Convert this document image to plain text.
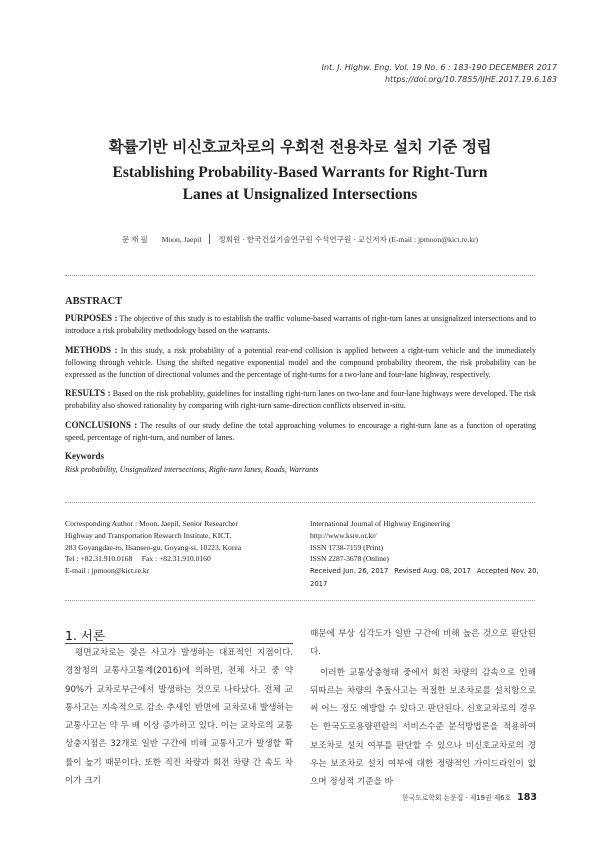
Int. J. Highw. Eng. Vol. 19 No. 6 : 183-190 DECEMBER 2017
https://doi.org/10.7855/IJHE.2017.19.6.183
확률기반 비신호교차로의 우회전 전용차로 설치 기준 정립
Establishing Probability-Based Warrants for Right-Turn Lanes at Unsignalized Intersections
문 재 필 Moon, Jaepil 정회원 · 한국건설기술연구원 수석연구원 · 교신저자 (E-mail : jpmoon@kict.re.kr)
ABSTRACT

PURPOSES : The objective of this study is to establish the traffic volume-based warrants of right-turn lanes at unsignalized intersections and to introduce a risk probability methodology based on the warrants.

METHODS : In this study, a risk probability of a potential rear-end collision is applied between a right-turn vehicle and the immediately following through vehicle. Using the shifted negative exponential model and the compound probability theorem, the risk probability can be expressed as the function of directional volumes and the percentage of right-turns for a two-lane and four-lane highway, respectively.

RESULTS : Based on the risk probablity, guidelines for installing right-turn lanes on two-lane and four-lane highways were developed. The risk probability also showed rationality by comparing with right-turn same-direction conflicts observed in-situ.

CONCLUSIONS : The results of our study define the total approaching volumes to encourage a right-turn lane as a function of operating speed, percentage of right-turn, and number of lanes.

Keywords

Risk probability, Unsignalized intersections, Right-turn lanes, Roads, Warrants

Corresponding Author : Moon, Jaepil, Senior Researcher
Highway and Transportation Research Institute, KICT,
283 Goyangdae-ro, Ilsanseo-gu, Goyang-si, 10223, Korea
Tel : +82.31.910.0168     Fax : +82.31.910.0160
E-mail : jpmoon@kict.re.kr
International Journal of Highway Engineering
http://www.ksre.or.kr/
ISSN 1738-7159 (Print)
ISSN 2287-3678 (Online)
Received Jun. 26, 2017 Revised Aug. 08, 2017 Accepted Nov. 20, 2017
1. 서론

평면교차로는 잦은 사고가 발생하는 대표적인 지점이다. 경찰청의 교통사고통계(2016)에 의하면, 전체 사고 중 약 90%가 교차로부근에서 발생하는 것으로 나타났다. 전체 교통사고는 지속적으로 감소 추세인 반면에 교차로내 발생하는 교통사고는 약 두 배 이상 증가하고 있다. 이는 교차로의 교통상충지점은 32개로 일반 구간에 비해 교통사고가 발생할 확률이 높기 때문이다. 또한 직진 차량과 회전 차량 간 속도 차이가 크기

때문에 부상 심각도가 일반 구간에 비해 높은 것으로 판단된다.

이러한 교통상충형태 중에서 회전 차량의 감속으로 인해 뒤따르는 차량의 추돌사고는 적절한 보조차로를 설치함으로써 어느 정도 예방할 수 있다고 판단된다. 신호교차로의 경우는 한국도로용량편람의 서비스수준 분석방법론을 적용하여 보조차로 설치 여부를 판단할 수 있으나 비신호교차로의 경우는 보조차로 설치 여부에 대한 정량적인 가이드라인이 없으며 정성적 기준을 바

한국도로학회 논문집 · 제19권 제6호 183
